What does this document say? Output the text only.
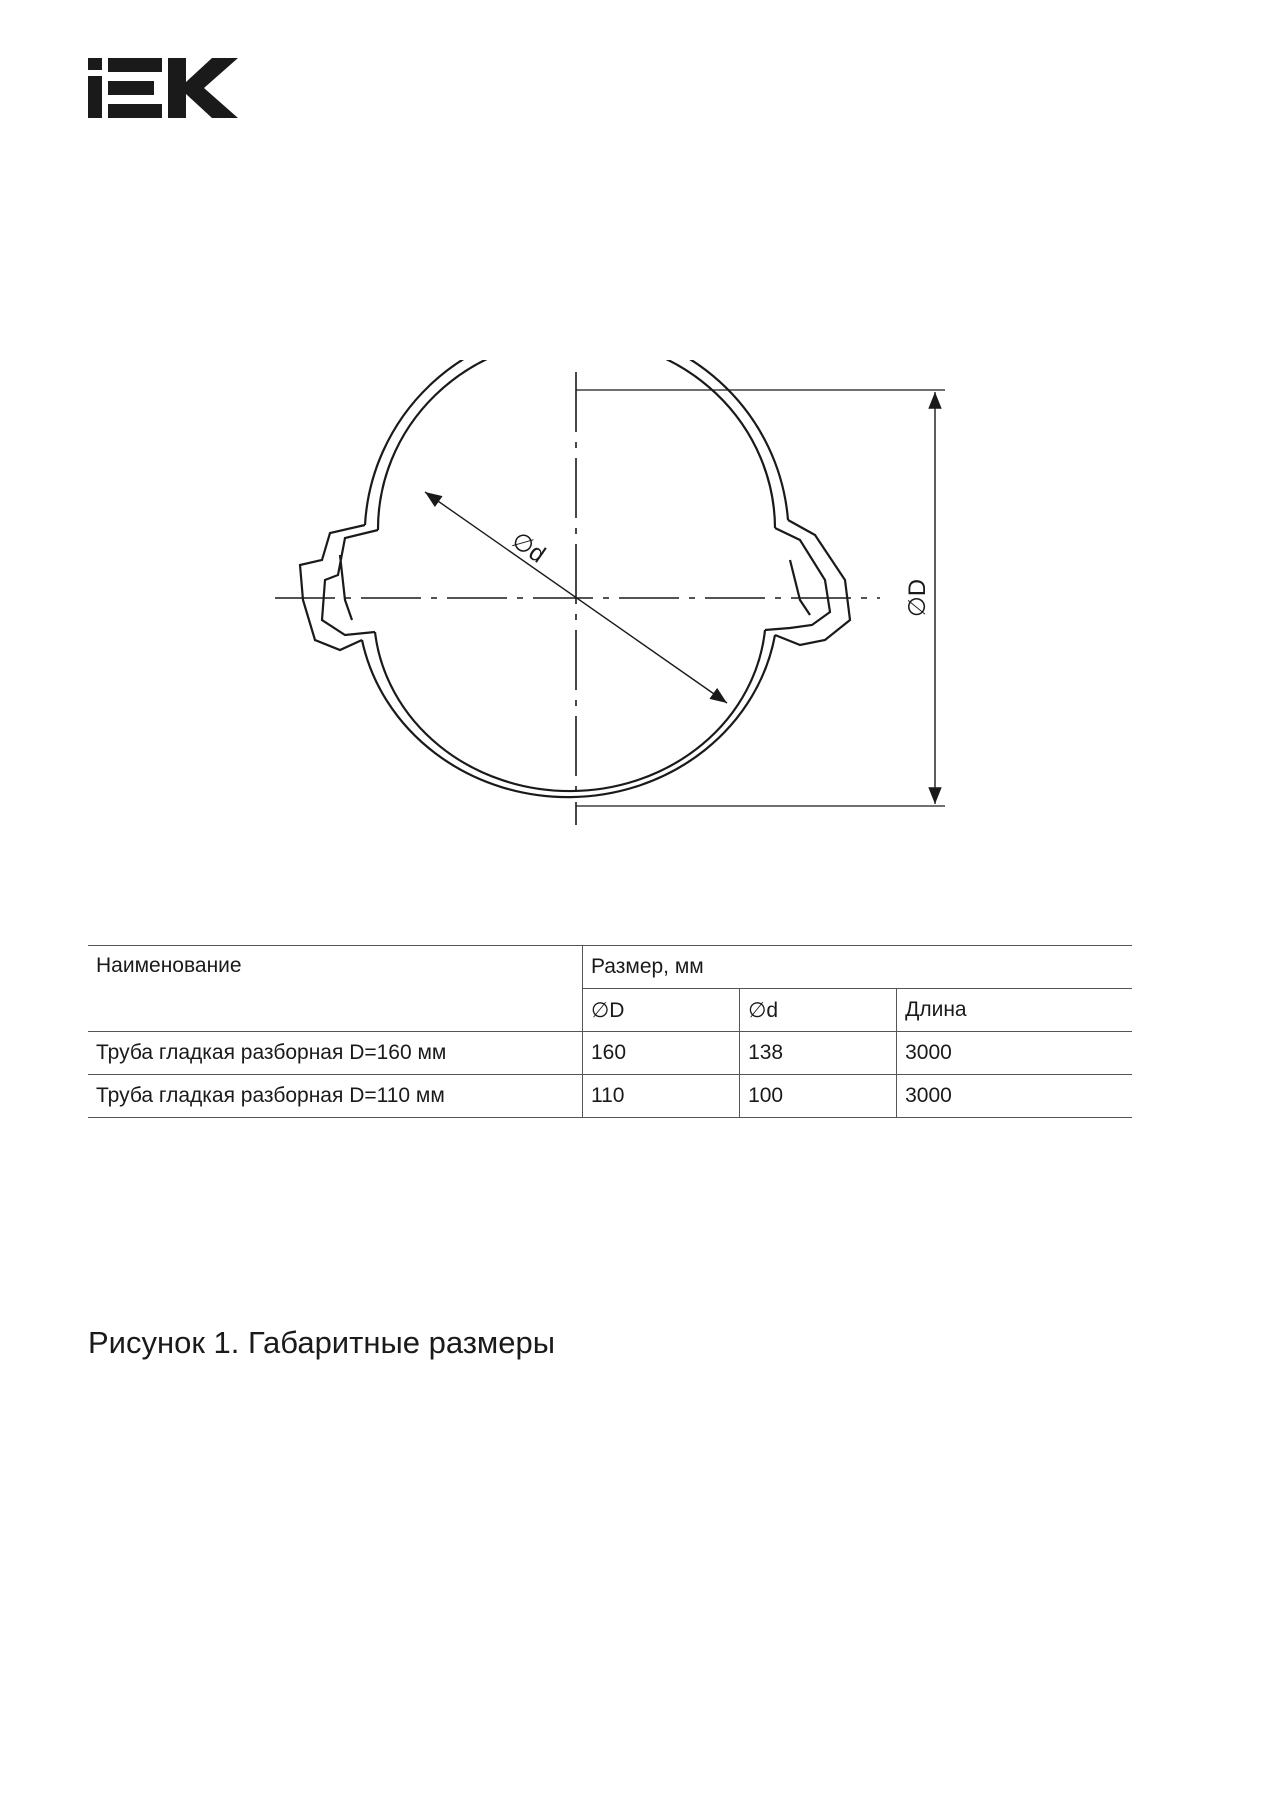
∅d
∅D
Наименование	Размер, мм		
	∅D	∅d	Длина
Труба гладкая разборная D=160 мм	160	138	3000
Труба гладкая разборная D=110 мм	110	100	3000
Рисунок 1. Габаритные размеры
